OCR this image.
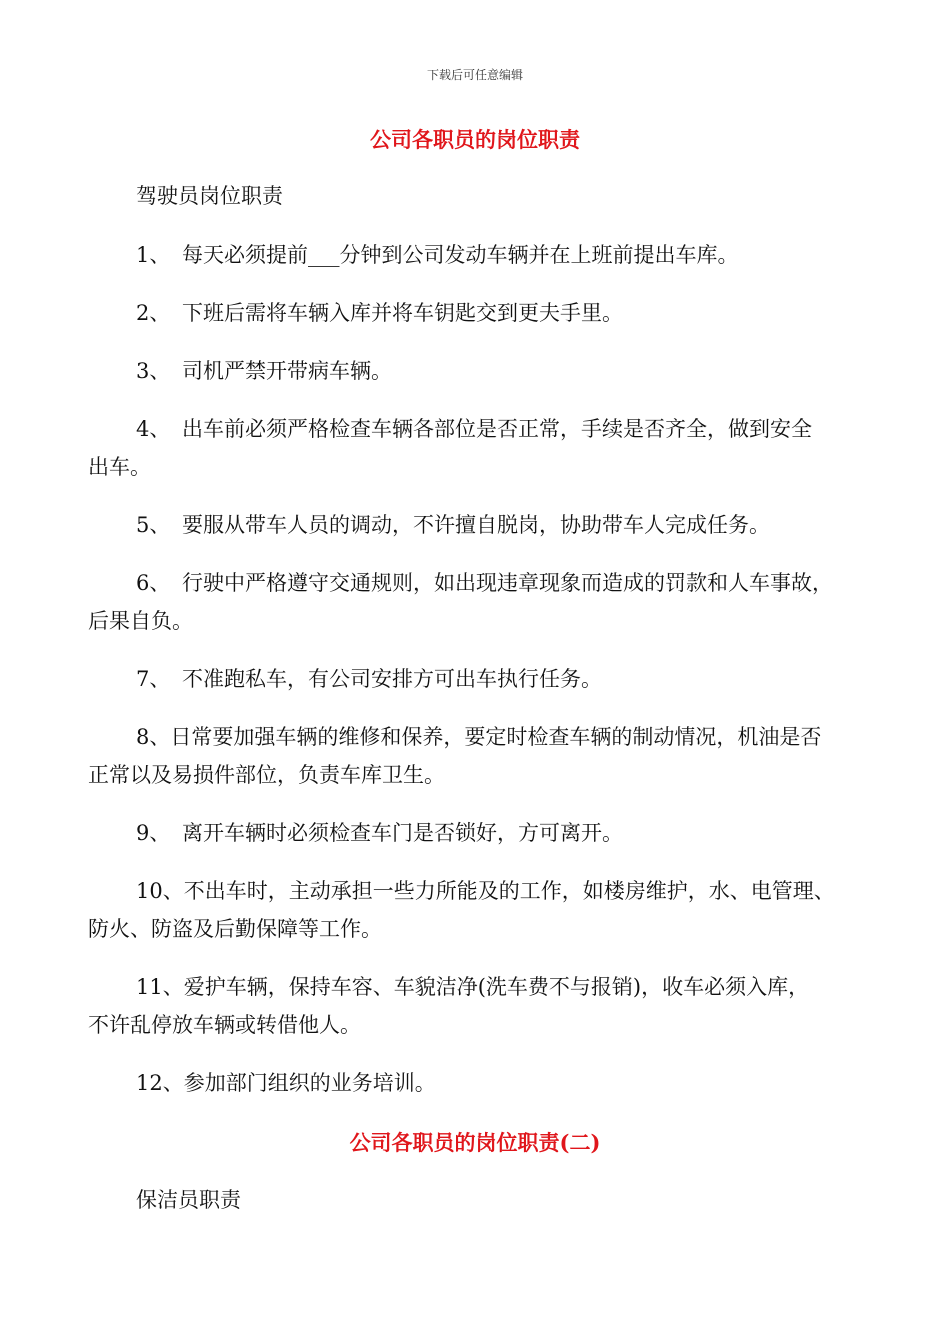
下载后可任意编辑
公司各职员的岗位职责
驾驶员岗位职责
1、 每天必须提前___分钟到公司发动车辆并在上班前提出车库。
2、 下班后需将车辆入库并将车钥匙交到更夫手里。
3、 司机严禁开带病车辆。
4、 出车前必须严格检查车辆各部位是否正常，手续是否齐全，做到安全
出车。
5、 要服从带车人员的调动，不许擅自脱岗，协助带车人完成任务。
6、 行驶中严格遵守交通规则，如出现违章现象而造成的罚款和人车事故，
后果自负。
7、 不准跑私车，有公司安排方可出车执行任务。
8、日常要加强车辆的维修和保养，要定时检查车辆的制动情况，机油是否
正常以及易损件部位，负责车库卫生。
9、 离开车辆时必须检查车门是否锁好，方可离开。
10、不出车时，主动承担一些力所能及的工作，如楼房维护，水、电管理、
防火、防盗及后勤保障等工作。
11、爱护车辆，保持车容、车貌洁净(洗车费不与报销)，收车必须入库，
不许乱停放车辆或转借他人。
12、参加部门组织的业务培训。
公司各职员的岗位职责(二)
保洁员职责
